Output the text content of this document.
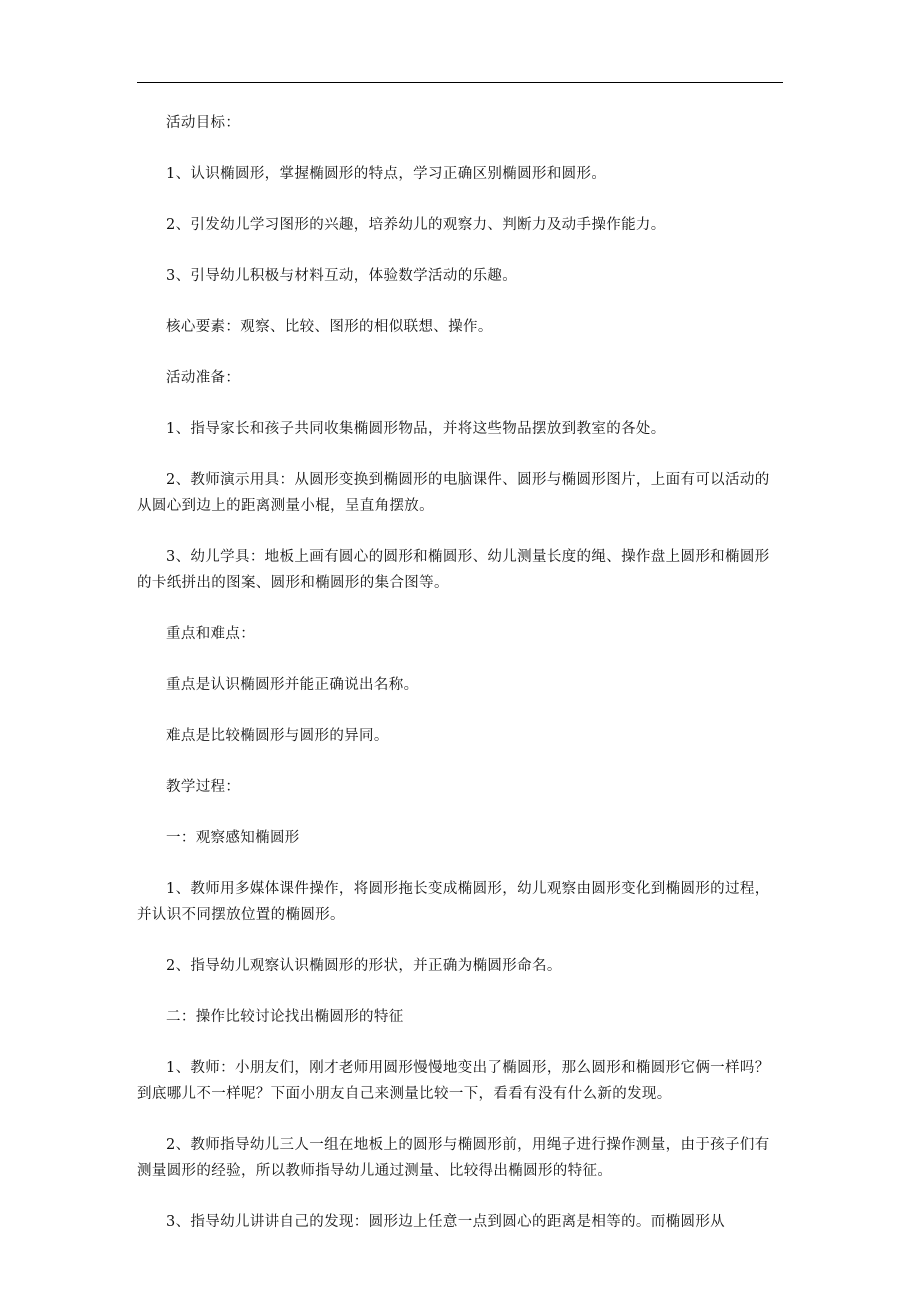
活动目标：

1、认识椭圆形，掌握椭圆形的特点，学习正确区别椭圆形和圆形。

2、引发幼儿学习图形的兴趣，培养幼儿的观察力、判断力及动手操作能力。

3、引导幼儿积极与材料互动，体验数学活动的乐趣。

核心要素：观察、比较、图形的相似联想、操作。

活动准备：

1、指导家长和孩子共同收集椭圆形物品，并将这些物品摆放到教室的各处。

2、教师演示用具：从圆形变换到椭圆形的电脑课件、圆形与椭圆形图片，上面有可以活动的从圆心到边上的距离测量小棍，呈直角摆放。

3、幼儿学具：地板上画有圆心的圆形和椭圆形、幼儿测量长度的绳、操作盘上圆形和椭圆形的卡纸拼出的图案、圆形和椭圆形的集合图等。

重点和难点：

重点是认识椭圆形并能正确说出名称。

难点是比较椭圆形与圆形的异同。

教学过程：

一：观察感知椭圆形

1、教师用多媒体课件操作，将圆形拖长变成椭圆形，幼儿观察由圆形变化到椭圆形的过程，并认识不同摆放位置的椭圆形。

2、指导幼儿观察认识椭圆形的形状，并正确为椭圆形命名。

二：操作比较讨论找出椭圆形的特征

1、教师：小朋友们，刚才老师用圆形慢慢地变出了椭圆形，那么圆形和椭圆形它俩一样吗？到底哪儿不一样呢？下面小朋友自己来测量比较一下，看看有没有什么新的发现。

2、教师指导幼儿三人一组在地板上的圆形与椭圆形前，用绳子进行操作测量，由于孩子们有测量圆形的经验，所以教师指导幼儿通过测量、比较得出椭圆形的特征。

3、指导幼儿讲讲自己的发现：圆形边上任意一点到圆心的距离是相等的。而椭圆形从
